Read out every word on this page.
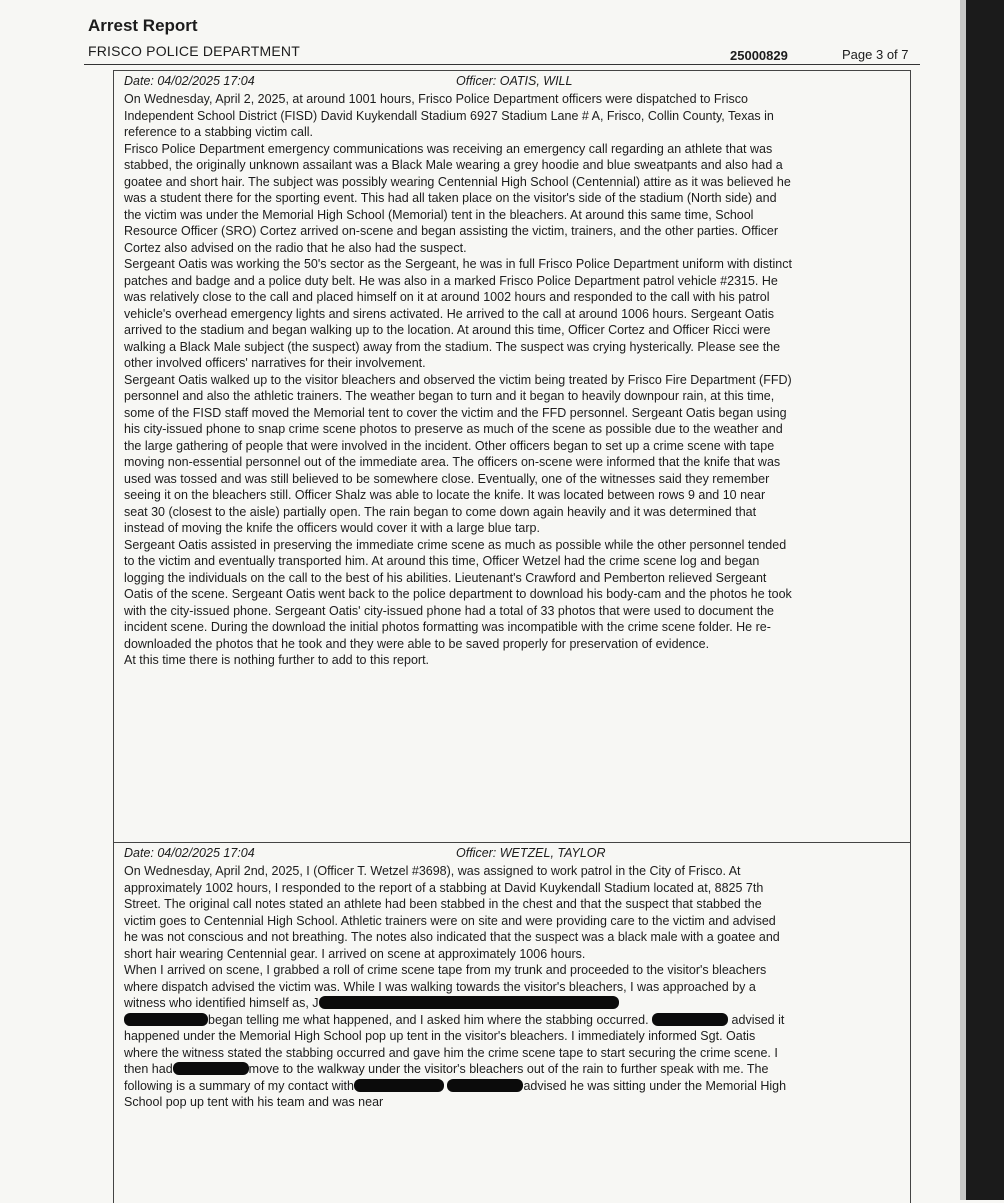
Arrest Report
FRISCO POLICE DEPARTMENT	25000829	Page 3 of 7
Date: 04/02/2025 17:04	Officer: OATIS, WILL

On Wednesday, April 2, 2025, at around 1001 hours, Frisco Police Department officers were dispatched to Frisco Independent School District (FISD) David Kuykendall Stadium 6927 Stadium Lane # A, Frisco, Collin County, Texas in reference to a stabbing victim call.

Frisco Police Department emergency communications was receiving an emergency call regarding an athlete that was stabbed, the originally unknown assailant was a Black Male wearing a grey hoodie and blue sweatpants and also had a goatee and short hair. The subject was possibly wearing Centennial High School (Centennial) attire as it was believed he was a student there for the sporting event. This had all taken place on the visitor's side of the stadium (North side) and the victim was under the Memorial High School (Memorial) tent in the bleachers. At around this same time, School Resource Officer (SRO) Cortez arrived on-scene and began assisting the victim, trainers, and the other parties. Officer Cortez also advised on the radio that he also had the suspect.

Sergeant Oatis was working the 50's sector as the Sergeant, he was in full Frisco Police Department uniform with distinct patches and badge and a police duty belt. He was also in a marked Frisco Police Department patrol vehicle #2315. He was relatively close to the call and placed himself on it at around 1002 hours and responded to the call with his patrol vehicle's overhead emergency lights and sirens activated. He arrived to the call at around 1006 hours. Sergeant Oatis arrived to the stadium and began walking up to the location. At around this time, Officer Cortez and Officer Ricci were walking a Black Male subject (the suspect) away from the stadium. The suspect was crying hysterically. Please see the other involved officers' narratives for their involvement.

Sergeant Oatis walked up to the visitor bleachers and observed the victim being treated by Frisco Fire Department (FFD) personnel and also the athletic trainers. The weather began to turn and it began to heavily downpour rain, at this time, some of the FISD staff moved the Memorial tent to cover the victim and the FFD personnel. Sergeant Oatis began using his city-issued phone to snap crime scene photos to preserve as much of the scene as possible due to the weather and the large gathering of people that were involved in the incident. Other officers began to set up a crime scene with tape moving non-essential personnel out of the immediate area. The officers on-scene were informed that the knife that was used was tossed and was still believed to be somewhere close. Eventually, one of the witnesses said they remember seeing it on the bleachers still. Officer Shalz was able to locate the knife. It was located between rows 9 and 10 near seat 30 (closest to the aisle) partially open. The rain began to come down again heavily and it was determined that instead of moving the knife the officers would cover it with a large blue tarp.

Sergeant Oatis assisted in preserving the immediate crime scene as much as possible while the other personnel tended to the victim and eventually transported him. At around this time, Officer Wetzel had the crime scene log and began logging the individuals on the call to the best of his abilities. Lieutenant's Crawford and Pemberton relieved Sergeant Oatis of the scene. Sergeant Oatis went back to the police department to download his body-cam and the photos he took with the city-issued phone. Sergeant Oatis' city-issued phone had a total of 33 photos that were used to document the incident scene. During the download the initial photos formatting was incompatible with the crime scene folder. He re-downloaded the photos that he took and they were able to be saved properly for preservation of evidence.

At this time there is nothing further to add to this report.

Date: 04/02/2025 17:04	Officer: WETZEL, TAYLOR

On Wednesday, April 2nd, 2025, I (Officer T. Wetzel #3698), was assigned to work patrol in the City of Frisco. At approximately 1002 hours, I responded to the report of a stabbing at David Kuykendall Stadium located at, 8825 7th Street. The original call notes stated an athlete had been stabbed in the chest and that the suspect that stabbed the victim goes to Centennial High School. Athletic trainers were on site and were providing care to the victim and advised he was not conscious and not breathing. The notes also indicated that the suspect was a black male with a goatee and short hair wearing Centennial gear. I arrived on scene at approximately 1006 hours.

When I arrived on scene, I grabbed a roll of crime scene tape from my trunk and proceeded to the visitor's bleachers where dispatch advised the victim was. While I was walking towards the visitor's bleachers, I was approached by a witness who identified himself as, J

began telling me what happened, and I asked him where the stabbing occurred.	advised it happened under the Memorial High School pop up tent in the visitor's bleachers. I immediately informed Sgt. Oatis where the witness stated the stabbing occurred and gave him the crime scene tape to start securing the crime scene. I then had	move to the walkway under the visitor's bleachers out of the rain to further speak with me. The following is a summary of my contact with	advised he was sitting under the Memorial High School pop up tent with his team and was near
